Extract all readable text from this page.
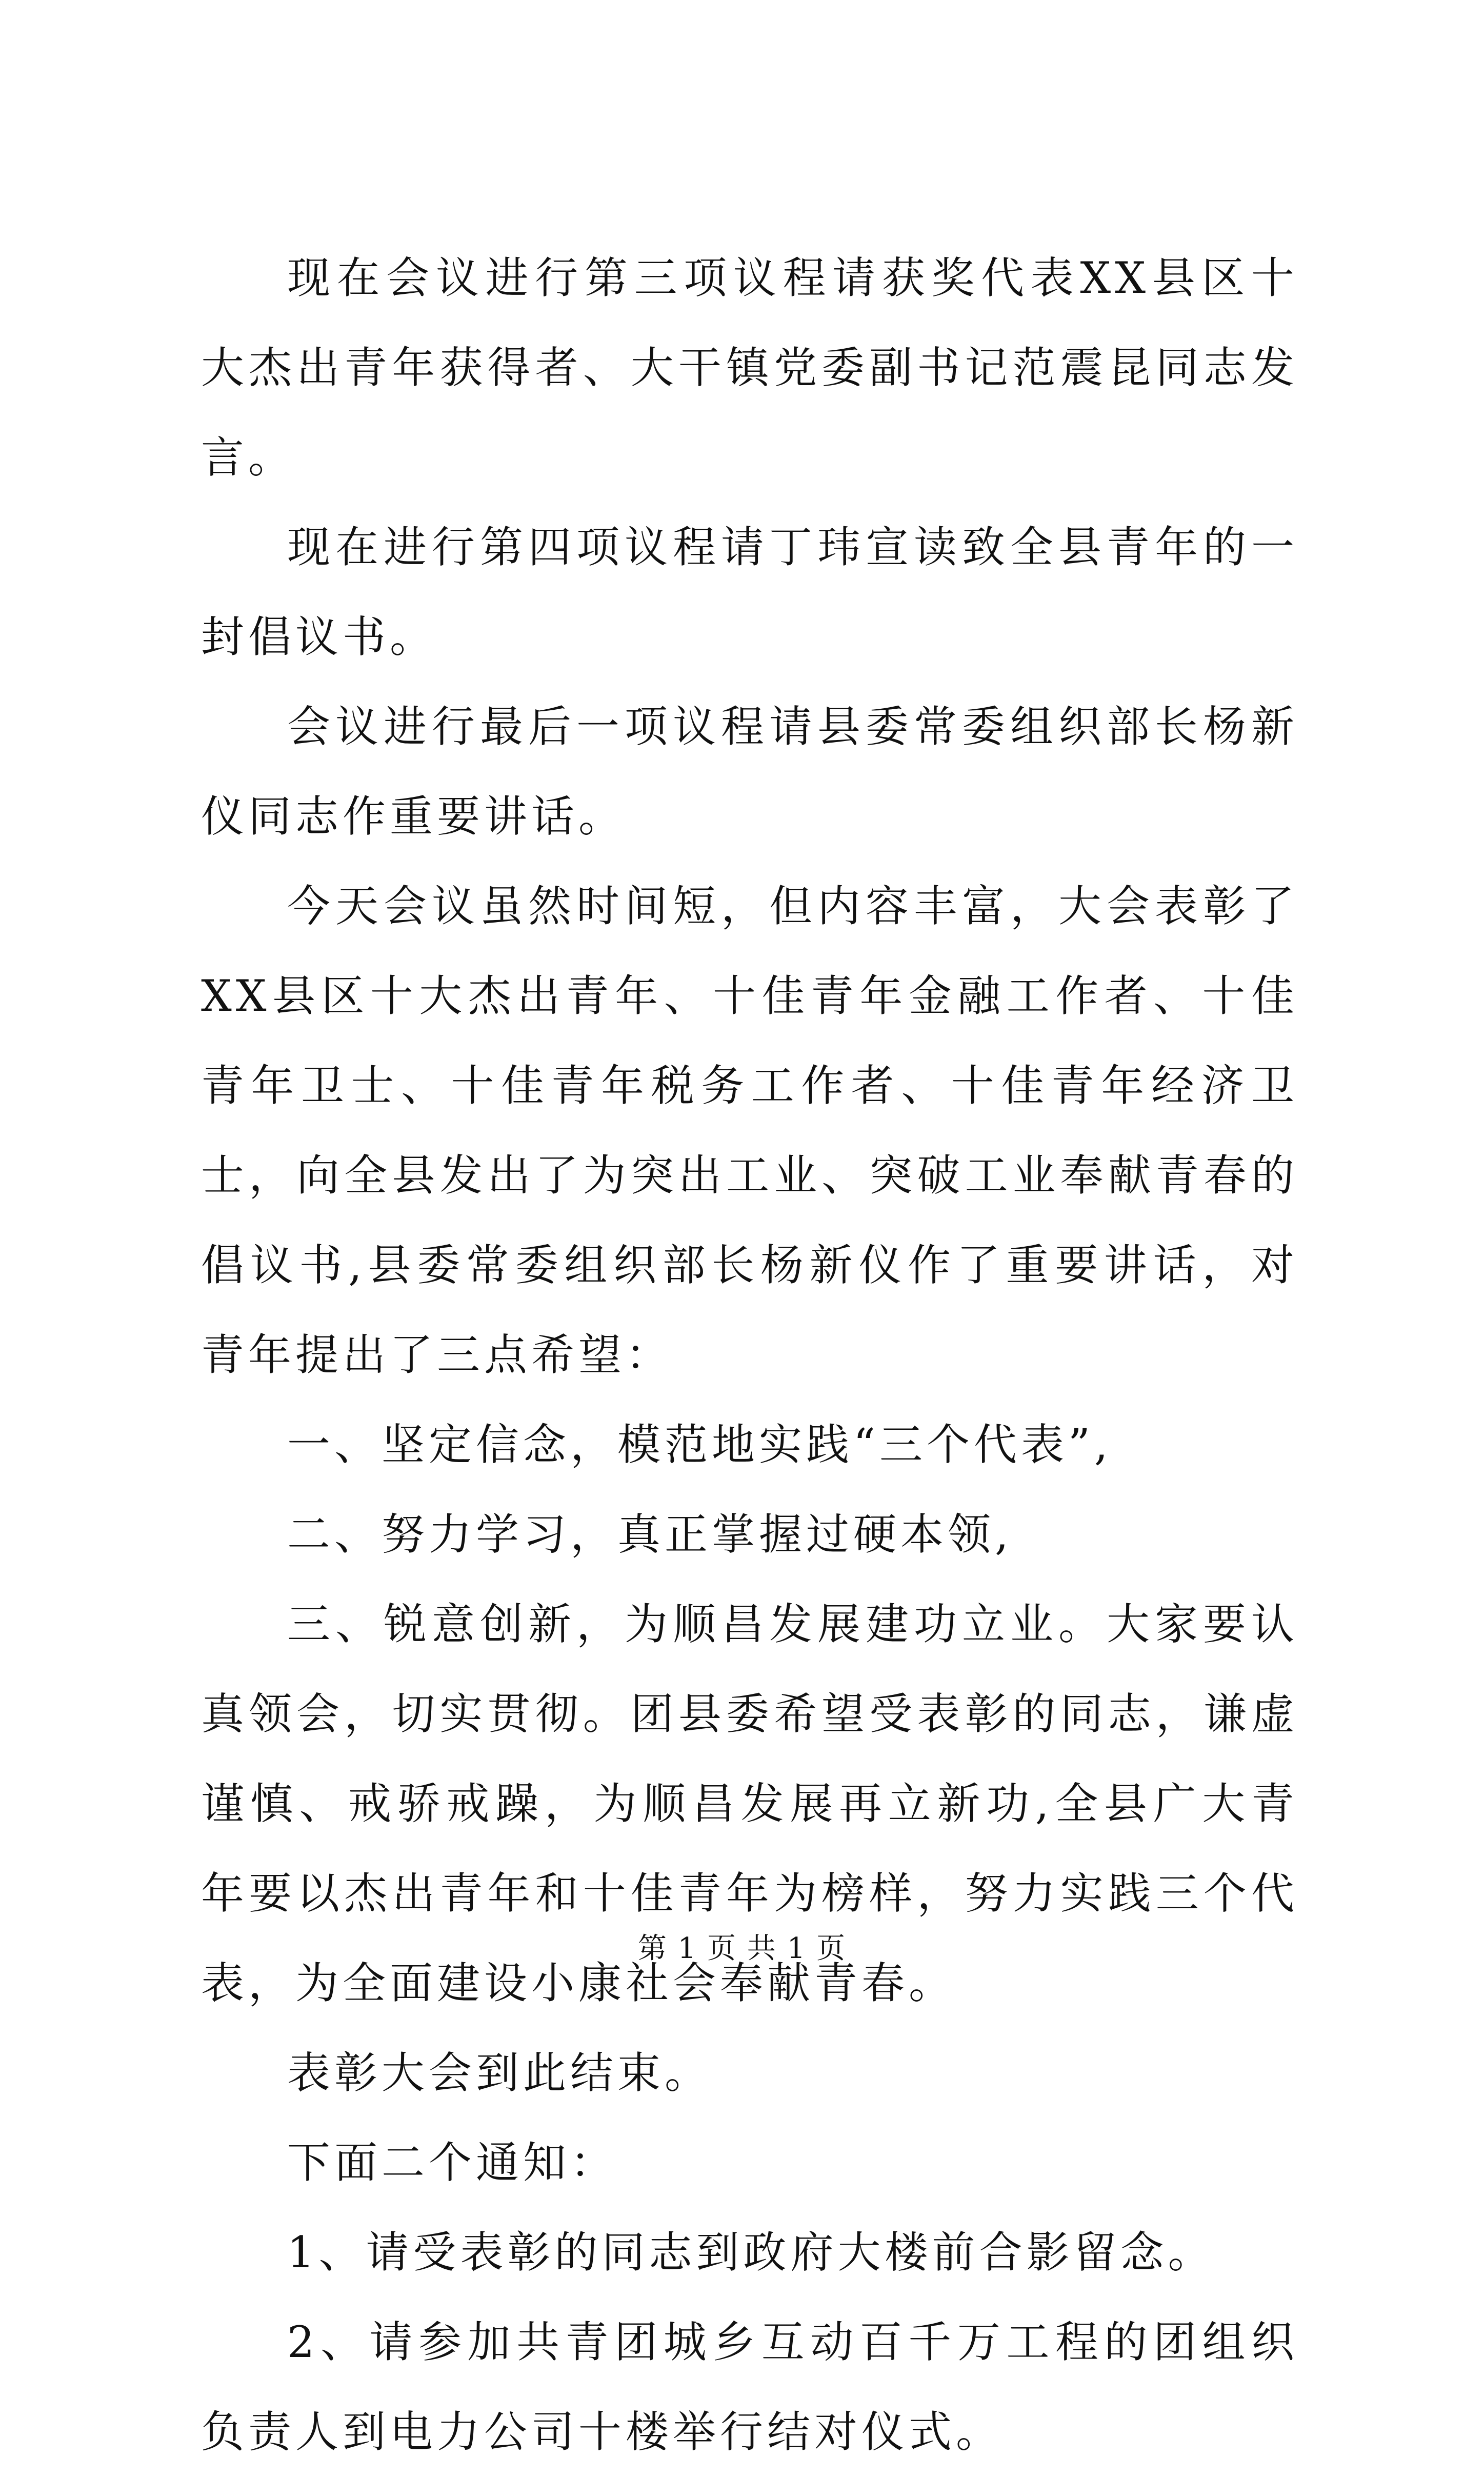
现在会议进行第三项议程请获奖代表XX县区十大杰出青年获得者、大干镇党委副书记范震昆同志发言。

现在进行第四项议程请丁玮宣读致全县青年的一封倡议书。

会议进行最后一项议程请县委常委组织部长杨新仪同志作重要讲话。

今天会议虽然时间短，但内容丰富，大会表彰了XX县区十大杰出青年、十佳青年金融工作者、十佳青年卫士、十佳青年税务工作者、十佳青年经济卫士，向全县发出了为突出工业、突破工业奉献青春的倡议书,县委常委组织部长杨新仪作了重要讲话，对青年提出了三点希望：

一、坚定信念，模范地实践“三个代表”,

二、努力学习，真正掌握过硬本领,

三、锐意创新，为顺昌发展建功立业。大家要认真领会，切实贯彻。团县委希望受表彰的同志，谦虚谨慎、戒骄戒躁，为顺昌发展再立新功,全县广大青年要以杰出青年和十佳青年为榜样，努力实践三个代表，为全面建设小康社会奉献青春。

表彰大会到此结束。

下面二个通知：

1、请受表彰的同志到政府大楼前合影留念。

2、请参加共青团城乡互动百千万工程的团组织负责人到电力公司十楼举行结对仪式。

第 1 页 共 1 页
